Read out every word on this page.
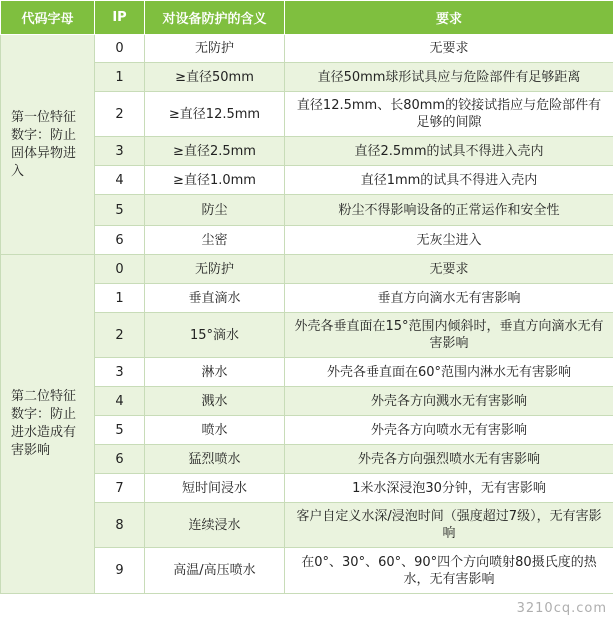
代码字母	IP	对设备防护的含义	要求
第一位特征数字：防止固体异物进入	0	无防护	无要求
	1	≥直径50mm	直径50mm球形试具应与危险部件有足够距离
	2	≥直径12.5mm	直径12.5mm、长80mm的铰接试指应与危险部件有足够的间隙
	3	≥直径2.5mm	直径2.5mm的试具不得进入壳内
	4	≥直径1.0mm	直径1mm的试具不得进入壳内
	5	防尘	粉尘不得影响设备的正常运作和安全性
	6	尘密	无灰尘进入
第二位特征数字：防止进水造成有害影响	0	无防护	无要求
	1	垂直滴水	垂直方向滴水无有害影响
	2	15°滴水	外壳各垂直面在15°范围内倾斜时，垂直方向滴水无有害影响
	3	淋水	外壳各垂直面在60°范围内淋水无有害影响
	4	溅水	外壳各方向溅水无有害影响
	5	喷水	外壳各方向喷水无有害影响
	6	猛烈喷水	外壳各方向强烈喷水无有害影响
	7	短时间浸水	1米水深浸泡30分钟，无有害影响
	8	连续浸水	客户自定义水深/浸泡时间（强度超过7级），无有害影响
	9	高温/高压喷水	在0°、30°、60°、90°四个方向喷射80摄氏度的热水，无有害影响
3210cq.com
